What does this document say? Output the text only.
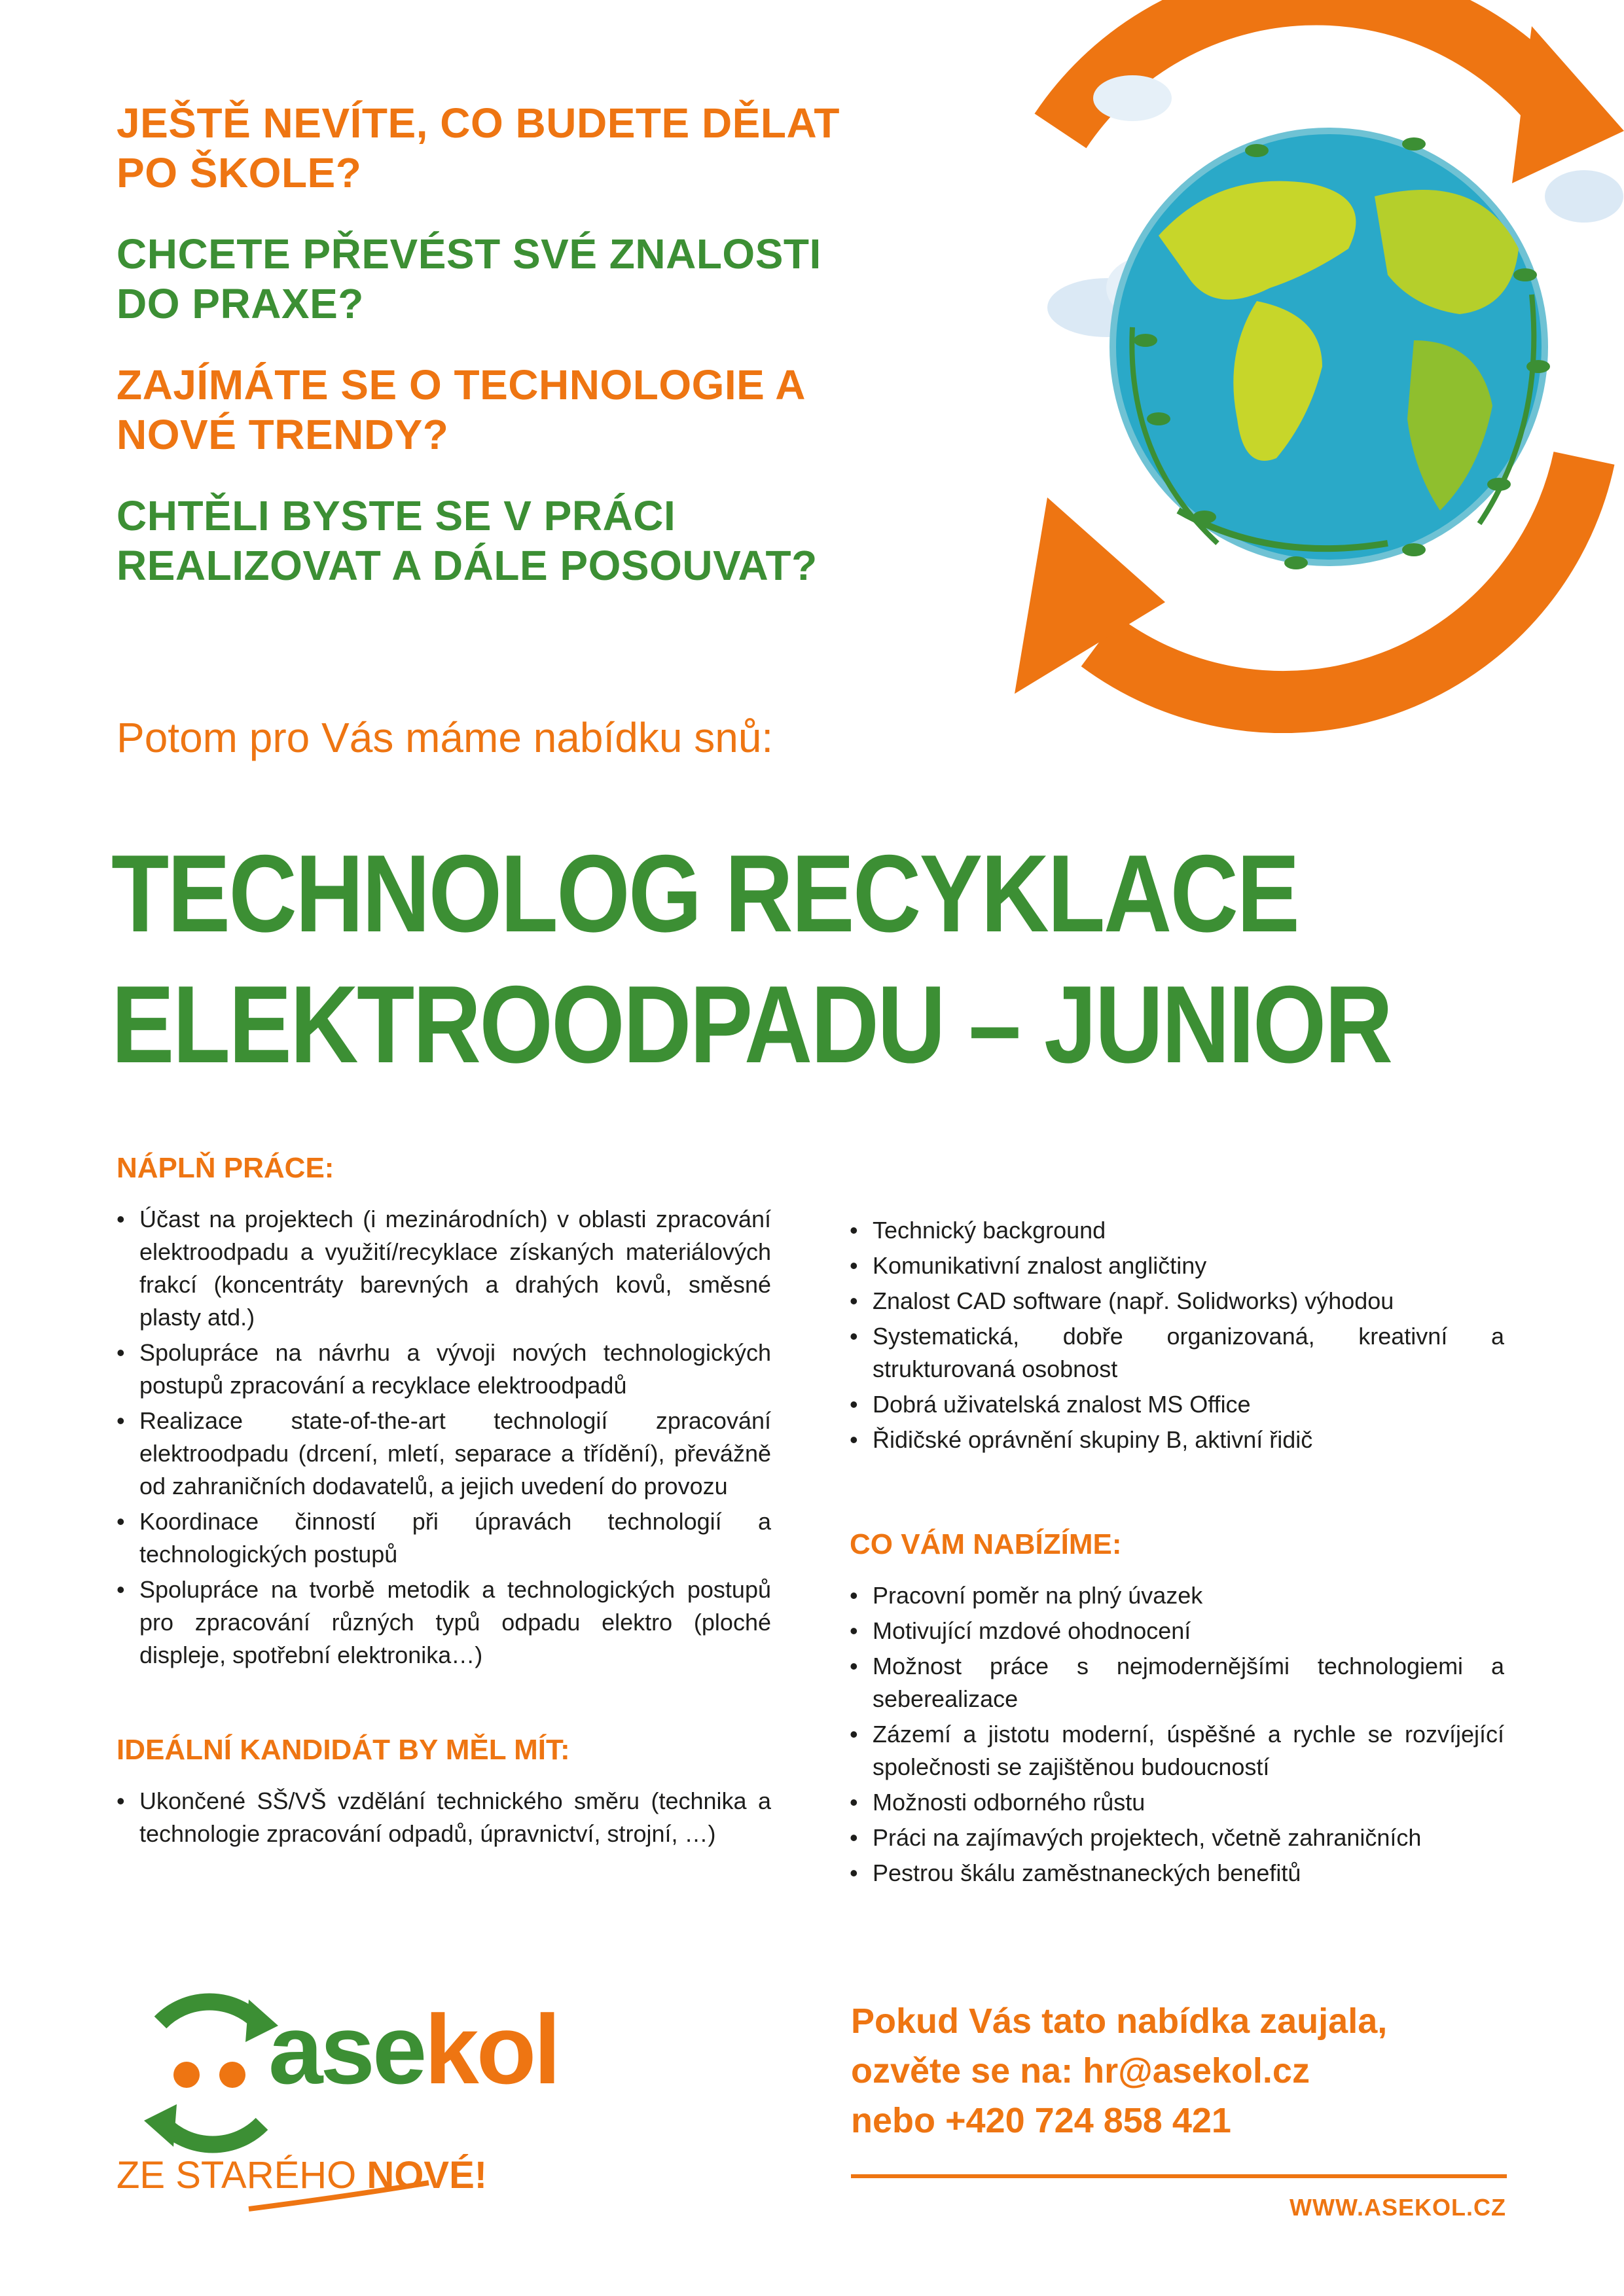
JEŠTĚ NEVÍTE, CO BUDETE DĚLAT PO ŠKOLE?

CHCETE PŘEVÉST SVÉ ZNALOSTI DO PRAXE?

ZAJÍMÁTE SE O TECHNOLOGIE A NOVÉ TRENDY?

CHTĚLI BYSTE SE V PRÁCI REALIZOVAT A DÁLE POSOUVAT?

Potom pro Vás máme nabídku snů:
TECHNOLOG RECYKLACE
ELEKTROODPADU – JUNIOR
NÁPLŇ PRÁCE:
• Účast na projektech (i mezinárodních) v oblasti zpracování elektroodpadu a využití/recyklace získaných materiálových frakcí (koncentráty barevných a drahých kovů, směsné plasty atd.)
• Spolupráce na návrhu a vývoji nových technologických postupů zpracování a recyklace elektroodpadů
• Realizace state-of-the-art technologií zpracování elektroodpadu (drcení, mletí, separace a třídění), převážně od zahraničních dodavatelů, a jejich uvedení do provozu
• Koordinace činností při úpravách technologií a technologických postupů
• Spolupráce na tvorbě metodik a technologických postupů pro zpracování různých typů odpadu elektro (ploché displeje, spotřební elektronika…)
IDEÁLNÍ KANDIDÁT BY MĚL MÍT:
• Ukončené SŠ/VŠ vzdělání technického směru (technika a technologie zpracování odpadů, úpravnictví, strojní, …)
• Technický background
• Komunikativní znalost angličtiny
• Znalost CAD software (např. Solidworks) výhodou
• Systematická, dobře organizovaná, kreativní a strukturovaná osobnost
• Dobrá uživatelská znalost MS Office
• Řidičské oprávnění skupiny B, aktivní řidič
CO VÁM NABÍZÍME:
• Pracovní poměr na plný úvazek
• Motivující mzdové ohodnocení
• Možnost práce s nejmodernějšími technologiemi a seberealizace
• Zázemí a jistotu moderní, úspěšné a rychle se rozvíjející společnosti se zajištěnou budoucností
• Možnosti odborného růstu
• Práci na zajímavých projektech, včetně zahraničních
• Pestrou škálu zaměstnaneckých benefitů
asekol
ZE STARÉHO NOVÉ!
Pokud Vás tato nabídka zaujala,
ozvěte se na: hr@asekol.cz
nebo +420 724 858 421
WWW.ASEKOL.CZ
